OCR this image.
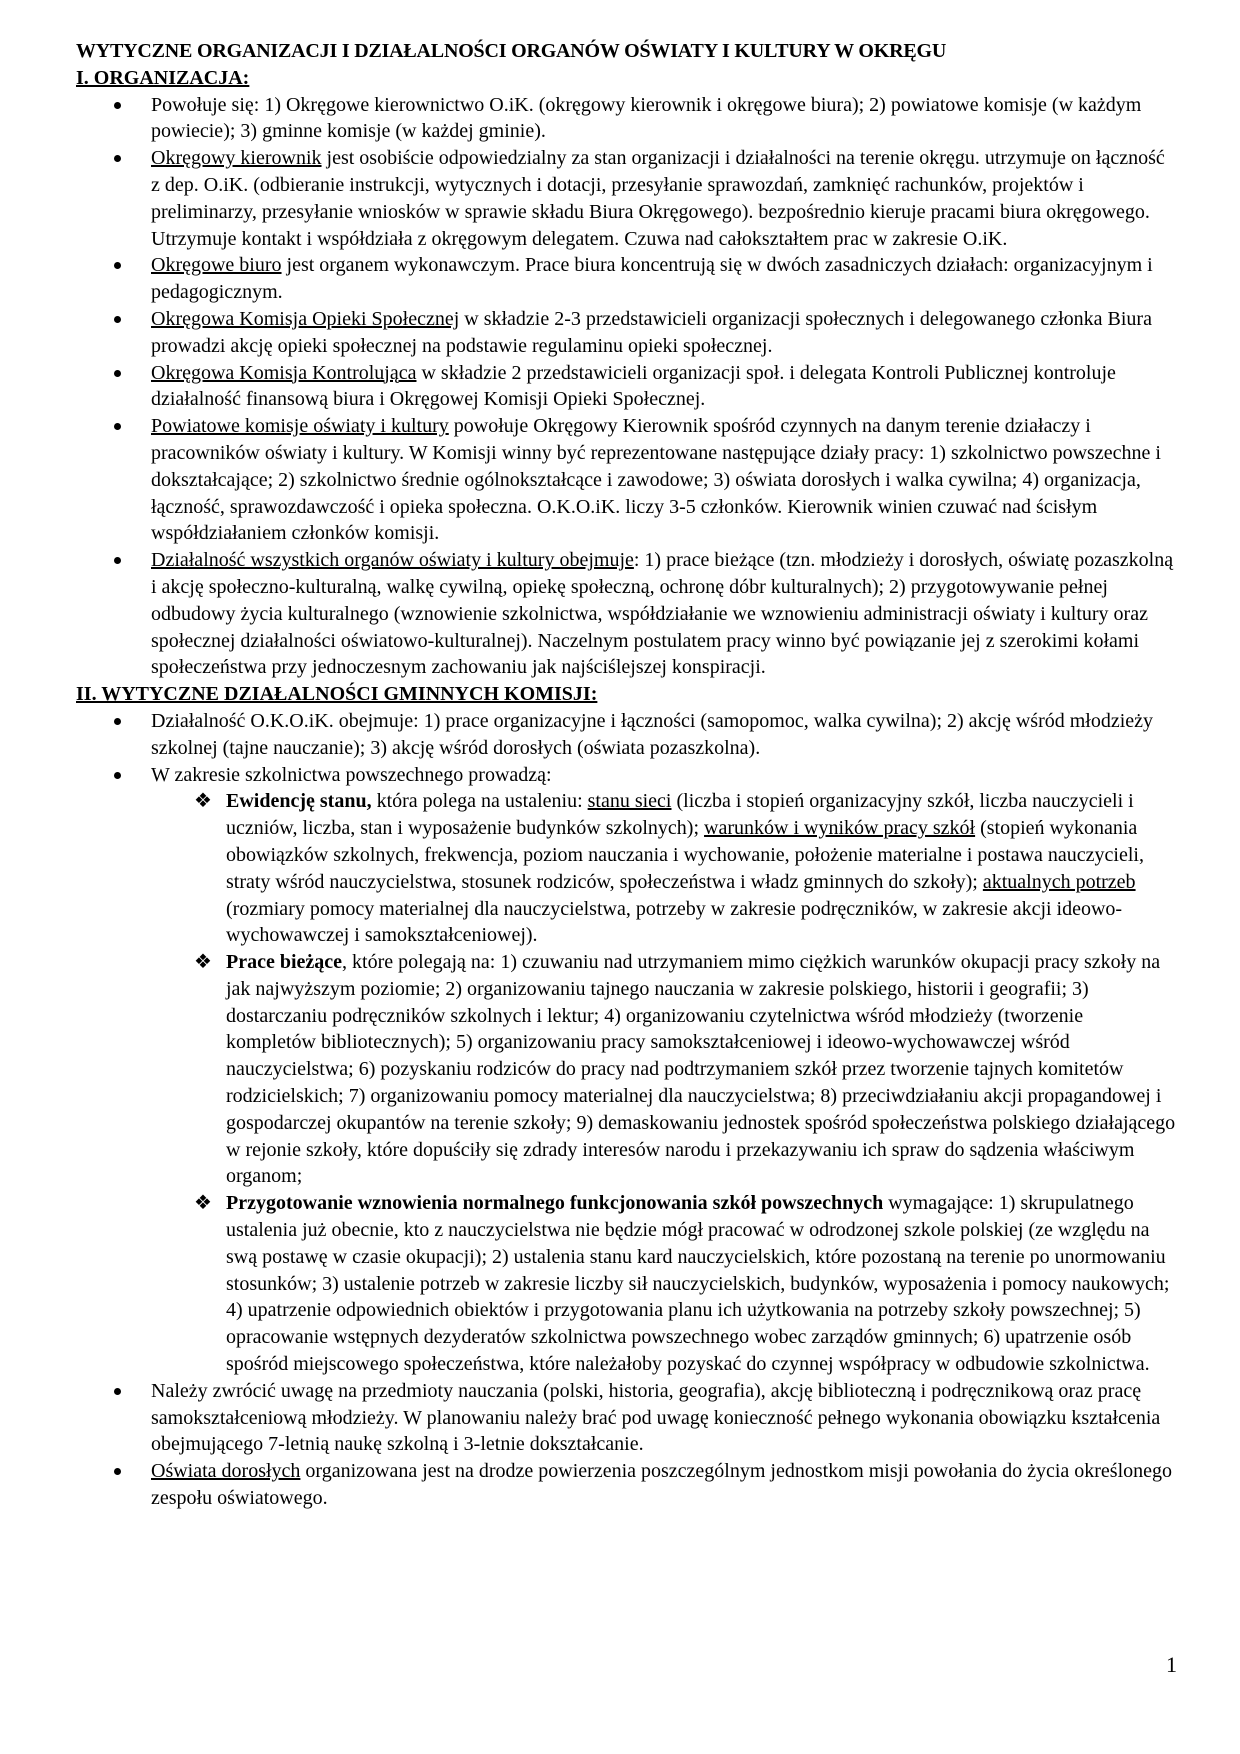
WYTYCZNE ORGANIZACJI I DZIAŁALNOŚCI ORGANÓW OŚWIATY I KULTURY W OKRĘGU
I. ORGANIZACJA:
Powołuje się: 1) Okręgowe kierownictwo O.iK. (okręgowy kierownik i okręgowe biura); 2) powiatowe komisje (w każdym powiecie); 3) gminne komisje (w każdej gminie).
Okręgowy kierownik jest osobiście odpowiedzialny za stan organizacji i działalności na terenie okręgu. utrzymuje on łączność z dep. O.iK. (odbieranie instrukcji, wytycznych i dotacji, przesyłanie sprawozdań, zamknięć rachunków, projektów i preliminarzy, przesyłanie wniosków w sprawie składu Biura Okręgowego). bezpośrednio kieruje pracami biura okręgowego. Utrzymuje kontakt i współdziała z okręgowym delegatem. Czuwa nad całokształtem prac w zakresie O.iK.
Okręgowe biuro jest organem wykonawczym. Prace biura koncentrują się w dwóch zasadniczych działach: organizacyjnym i pedagogicznym.
Okręgowa Komisja Opieki Społecznej w składzie 2-3 przedstawicieli organizacji społecznych i delegowanego członka Biura prowadzi akcję opieki społecznej na podstawie regulaminu opieki społecznej.
Okręgowa Komisja Kontrolująca w składzie 2 przedstawicieli organizacji społ. i delegata Kontroli Publicznej kontroluje działalność finansową biura i Okręgowej Komisji Opieki Społecznej.
Powiatowe komisje oświaty i kultury powołuje Okręgowy Kierownik spośród czynnych na danym terenie działaczy i pracowników oświaty i kultury. W Komisji winny być reprezentowane następujące działy pracy: 1) szkolnictwo powszechne i dokształcające; 2) szkolnictwo średnie ogólnokształcące i zawodowe; 3) oświata dorosłych i walka cywilna; 4) organizacja, łączność, sprawozdawczość i opieka społeczna. O.K.O.iK. liczy 3-5 członków. Kierownik winien czuwać nad ścisłym współdziałaniem członków komisji.
Działalność wszystkich organów oświaty i kultury obejmuje: 1) prace bieżące (tzn. młodzieży i dorosłych, oświatę pozaszkolną i akcję społeczno-kulturalną, walkę cywilną, opiekę społeczną, ochronę dóbr kulturalnych); 2) przygotowywanie pełnej odbudowy życia kulturalnego (wznowienie szkolnictwa, współdziałanie we wznowieniu administracji oświaty i kultury oraz społecznej działalności oświatowo-kulturalnej). Naczelnym postulatem pracy winno być powiązanie jej z szerokimi kołami społeczeństwa przy jednoczesnym zachowaniu jak najściślejszej konspiracji.
II. WYTYCZNE DZIAŁALNOŚCI GMINNYCH KOMISJI:
Działalność O.K.O.iK. obejmuje: 1) prace organizacyjne i łączności (samopomoc, walka cywilna); 2) akcję wśród młodzieży szkolnej (tajne nauczanie); 3) akcję wśród dorosłych (oświata pozaszkolna).
W zakresie szkolnictwa powszechnego prowadzą:
❖ Ewidencję stanu, która polega na ustaleniu: stanu sieci (liczba i stopień organizacyjny szkół, liczba nauczycieli i uczniów, liczba, stan i wyposażenie budynków szkolnych); warunków i wyników pracy szkół (stopień wykonania obowiązków szkolnych, frekwencja, poziom nauczania i wychowanie, położenie materialne i postawa nauczycieli, straty wśród nauczycielstwa, stosunek rodziców, społeczeństwa i władz gminnych do szkoły); aktualnych potrzeb (rozmiary pomocy materialnej dla nauczycielstwa, potrzeby w zakresie podręczników, w zakresie akcji ideowo-wychowawczej i samokształceniowej).
❖ Prace bieżące, które polegają na: 1) czuwaniu nad utrzymaniem mimo ciężkich warunków okupacji pracy szkoły na jak najwyższym poziomie; 2) organizowaniu tajnego nauczania w zakresie polskiego, historii i geografii; 3) dostarczaniu podręczników szkolnych i lektur; 4) organizowaniu czytelnictwa wśród młodzieży (tworzenie kompletów bibliotecznych); 5) organizowaniu pracy samokształceniowej i ideowo-wychowawczej wśród nauczycielstwa; 6) pozyskaniu rodziców do pracy nad podtrzymaniem szkół przez tworzenie tajnych komitetów rodzicielskich; 7) organizowaniu pomocy materialnej dla nauczycielstwa; 8) przeciwdziałaniu akcji propagandowej i gospodarczej okupantów na terenie szkoły; 9) demaskowaniu jednostek spośród społeczeństwa polskiego działającego w rejonie szkoły, które dopuściły się zdrady interesów narodu i przekazywaniu ich spraw do sądzenia właściwym organom;
❖ Przygotowanie wznowienia normalnego funkcjonowania szkół powszechnych wymagające: 1) skrupulatnego ustalenia już obecnie, kto z nauczycielstwa nie będzie mógł pracować w odrodzonej szkole polskiej (ze względu na swą postawę w czasie okupacji); 2) ustalenia stanu kard nauczycielskich, które pozostaną na terenie po unormowaniu stosunków; 3) ustalenie potrzeb w zakresie liczby sił nauczycielskich, budynków, wyposażenia i pomocy naukowych; 4) upatrzenie odpowiednich obiektów i przygotowania planu ich użytkowania na potrzeby szkoły powszechnej; 5) opracowanie wstępnych dezyderatów szkolnictwa powszechnego wobec zarządów gminnych; 6) upatrzenie osób spośród miejscowego społeczeństwa, które należałoby pozyskać do czynnej współpracy w odbudowie szkolnictwa.
Należy zwrócić uwagę na przedmioty nauczania (polski, historia, geografia), akcję biblioteczną i podręcznikową oraz pracę samokształceniową młodzieży. W planowaniu należy brać pod uwagę konieczność pełnego wykonania obowiązku kształcenia obejmującego 7-letnią naukę szkolną i 3-letnie dokształcanie.
Oświata dorosłych organizowana jest na drodze powierzenia poszczególnym jednostkom misji powołania do życia określonego zespołu oświatowego.
1
